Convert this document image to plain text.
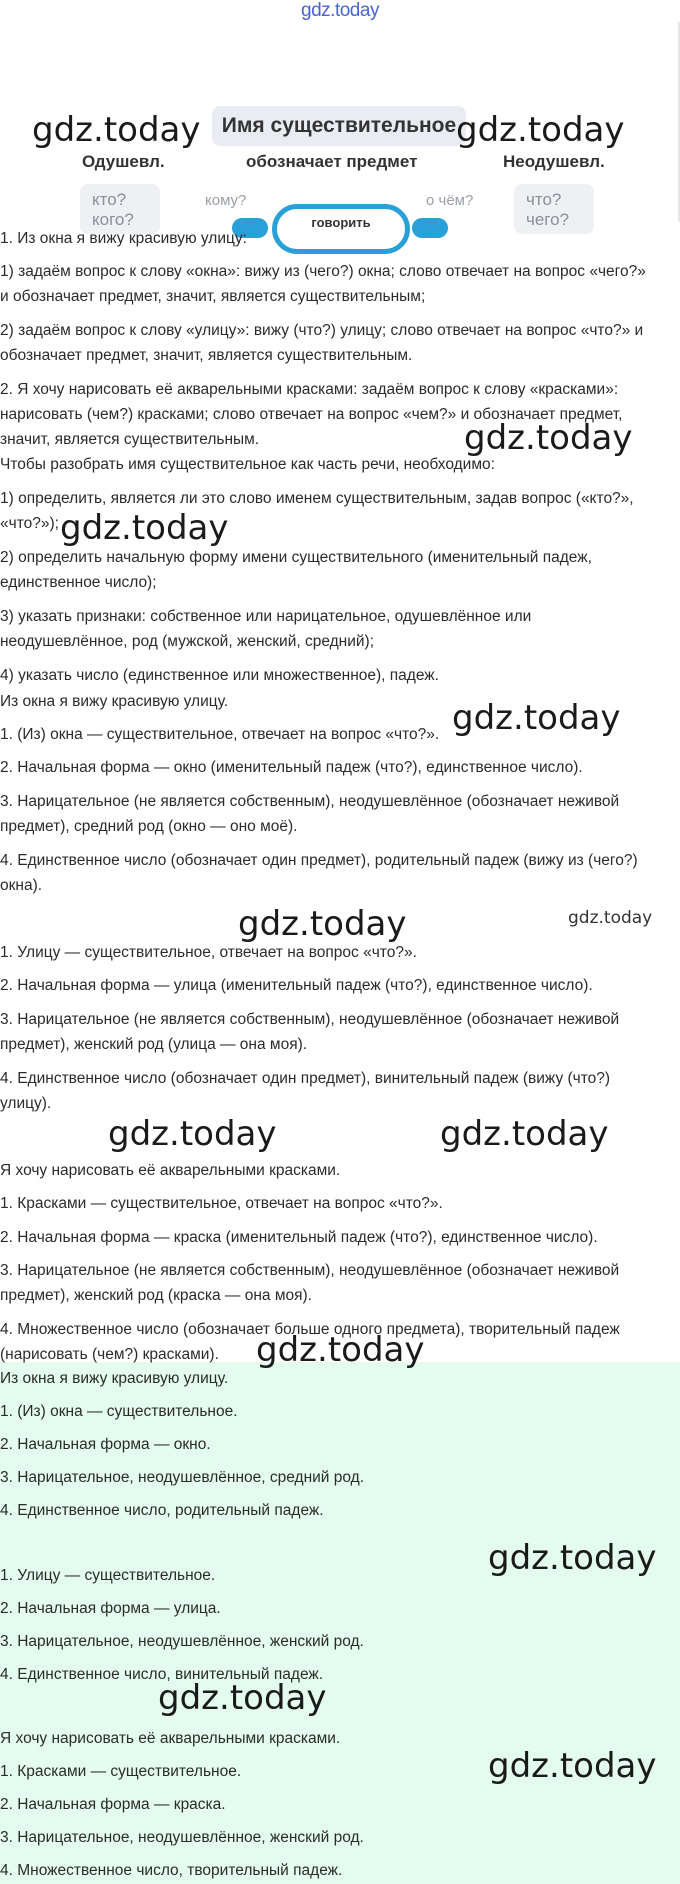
gdz.today
Имя существительное
Одушевл.	обозначает предмет	Неодушевл.
кто?
кого?
что?
чего?
кому?	о чём?
говорить
1. Из окна я вижу красивую улицу:
1) задаём вопрос к слову «окна»: вижу из (чего?) окна; слово отвечает на вопрос «чего?»
и обозначает предмет, значит, является существительным;
2) задаём вопрос к слову «улицу»: вижу (что?) улицу; слово отвечает на вопрос «что?» и
обозначает предмет, значит, является существительным.
2. Я хочу нарисовать её акварельными красками: задаём вопрос к слову «красками»:
нарисовать (чем?) красками; слово отвечает на вопрос «чем?» и обозначает предмет,
значит, является существительным.
Чтобы разобрать имя существительное как часть речи, необходимо:
1) определить, является ли это слово именем существительным, задав вопрос («кто?»,
«что?»);
2) определить начальную форму имени существительного (именительный падеж,
единственное число);
3) указать признаки: собственное или нарицательное, одушевлённое или
неодушевлённое, род (мужской, женский, средний);
4) указать число (единственное или множественное), падеж.
Из окна я вижу красивую улицу.
1. (Из) окна — существительное, отвечает на вопрос «что?».
2. Начальная форма — окно (именительный падеж (что?), единственное число).
3. Нарицательное (не является собственным), неодушевлённое (обозначает неживой
предмет), средний род (окно — оно моё).
4. Единственное число (обозначает один предмет), родительный падеж (вижу из (чего?)
окна).
1. Улицу — существительное, отвечает на вопрос «что?».
2. Начальная форма — улица (именительный падеж (что?), единственное число).
3. Нарицательное (не является собственным), неодушевлённое (обозначает неживой
предмет), женский род (улица — она моя).
4. Единственное число (обозначает один предмет), винительный падеж (вижу (что?)
улицу).
Я хочу нарисовать её акварельными красками.
1. Красками — существительное, отвечает на вопрос «что?».
2. Начальная форма — краска (именительный падеж (что?), единственное число).
3. Нарицательное (не является собственным), неодушевлённое (обозначает неживой
предмет), женский род (краска — она моя).
4. Множественное число (обозначает больше одного предмета), творительный падеж
(нарисовать (чем?) красками).
Из окна я вижу красивую улицу.
1. (Из) окна — существительное.
2. Начальная форма — окно.
3. Нарицательное, неодушевлённое, средний род.
4. Единственное число, родительный падеж.
1. Улицу — существительное.
2. Начальная форма — улица.
3. Нарицательное, неодушевлённое, женский род.
4. Единственное число, винительный падеж.
Я хочу нарисовать её акварельными красками.
1. Красками — существительное.
2. Начальная форма — краска.
3. Нарицательное, неодушевлённое, женский род.
4. Множественное число, творительный падеж.
gdz.today	gdz.today
gdz.today
gdz.today
gdz.today
gdz.today	gdz.today
gdz.today	gdz.today
gdz.today
gdz.today
gdz.today
gdz.today
